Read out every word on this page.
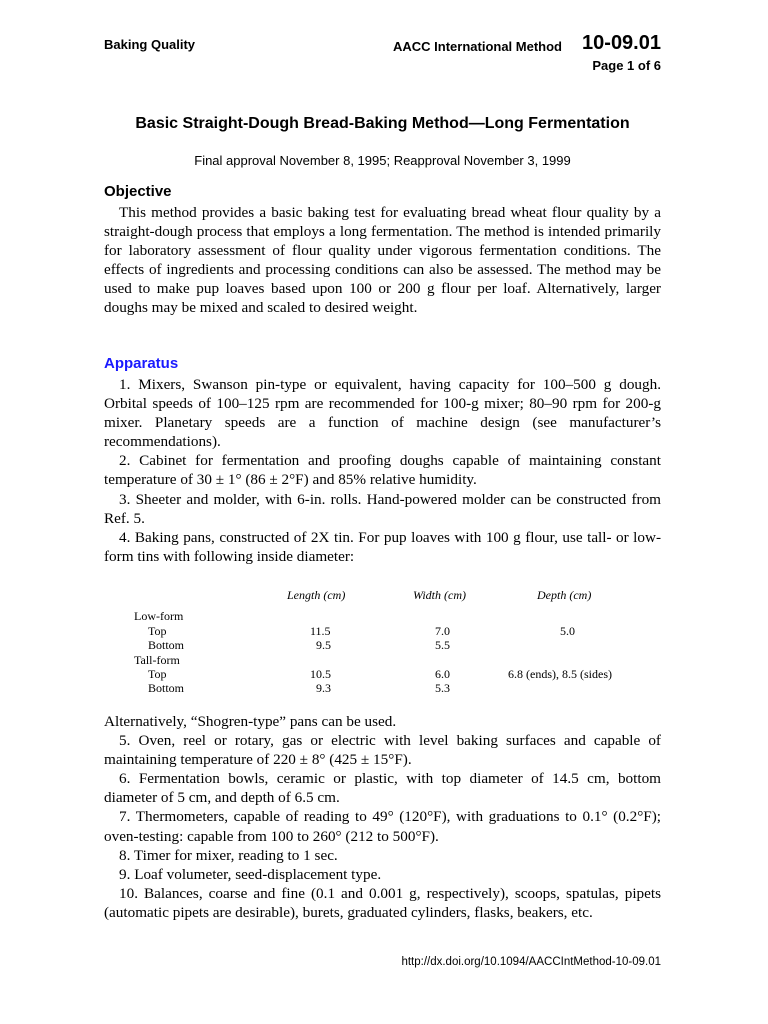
Baking Quality	AACC International Method 10-09.01
Page 1 of 6
Basic Straight-Dough Bread-Baking Method—Long Fermentation
Final approval November 8, 1995; Reapproval November 3, 1999
Objective

This method provides a basic baking test for evaluating bread wheat flour quality by a straight-dough process that employs a long fermentation. The method is intended primarily for laboratory assessment of flour quality under vigorous fermentation conditions. The effects of ingredients and processing conditions can also be assessed. The method may be used to make pup loaves based upon 100 or 200 g flour per loaf. Alternatively, larger doughs may be mixed and scaled to desired weight.

Apparatus

1. Mixers, Swanson pin-type or equivalent, having capacity for 100–500 g dough. Orbital speeds of 100–125 rpm are recommended for 100-g mixer; 80–90 rpm for 200-g mixer. Planetary speeds are a function of machine design (see manufacturer’s recommendations).

2. Cabinet for fermentation and proofing doughs capable of maintaining constant temperature of 30 ± 1° (86 ± 2°F) and 85% relative humidity.

3. Sheeter and molder, with 6-in. rolls. Hand-powered molder can be constructed from Ref. 5.

4. Baking pans, constructed of 2X tin. For pup loaves with 100 g flour, use tall- or low-form tins with following inside diameter:

Length (cm)	Width (cm)	Depth (cm)
Low-form
Top	11.5	7.0	5.0
Bottom	9.5	5.5
Tall-form
Top	10.5	6.0	6.8 (ends), 8.5 (sides)
Bottom	9.3	5.3

Alternatively, “Shogren-type” pans can be used.

5. Oven, reel or rotary, gas or electric with level baking surfaces and capable of maintaining temperature of 220 ± 8° (425 ± 15°F).

6. Fermentation bowls, ceramic or plastic, with top diameter of 14.5 cm, bottom diameter of 5 cm, and depth of 6.5 cm.

7. Thermometers, capable of reading to 49° (120°F), with graduations to 0.1° (0.2°F); oven-testing: capable from 100 to 260° (212 to 500°F).

8. Timer for mixer, reading to 1 sec.

9. Loaf volumeter, seed-displacement type.

10. Balances, coarse and fine (0.1 and 0.001 g, respectively), scoops, spatulas, pipets (automatic pipets are desirable), burets, graduated cylinders, flasks, beakers, etc.

http://dx.doi.org/10.1094/AACCIntMethod-10-09.01
